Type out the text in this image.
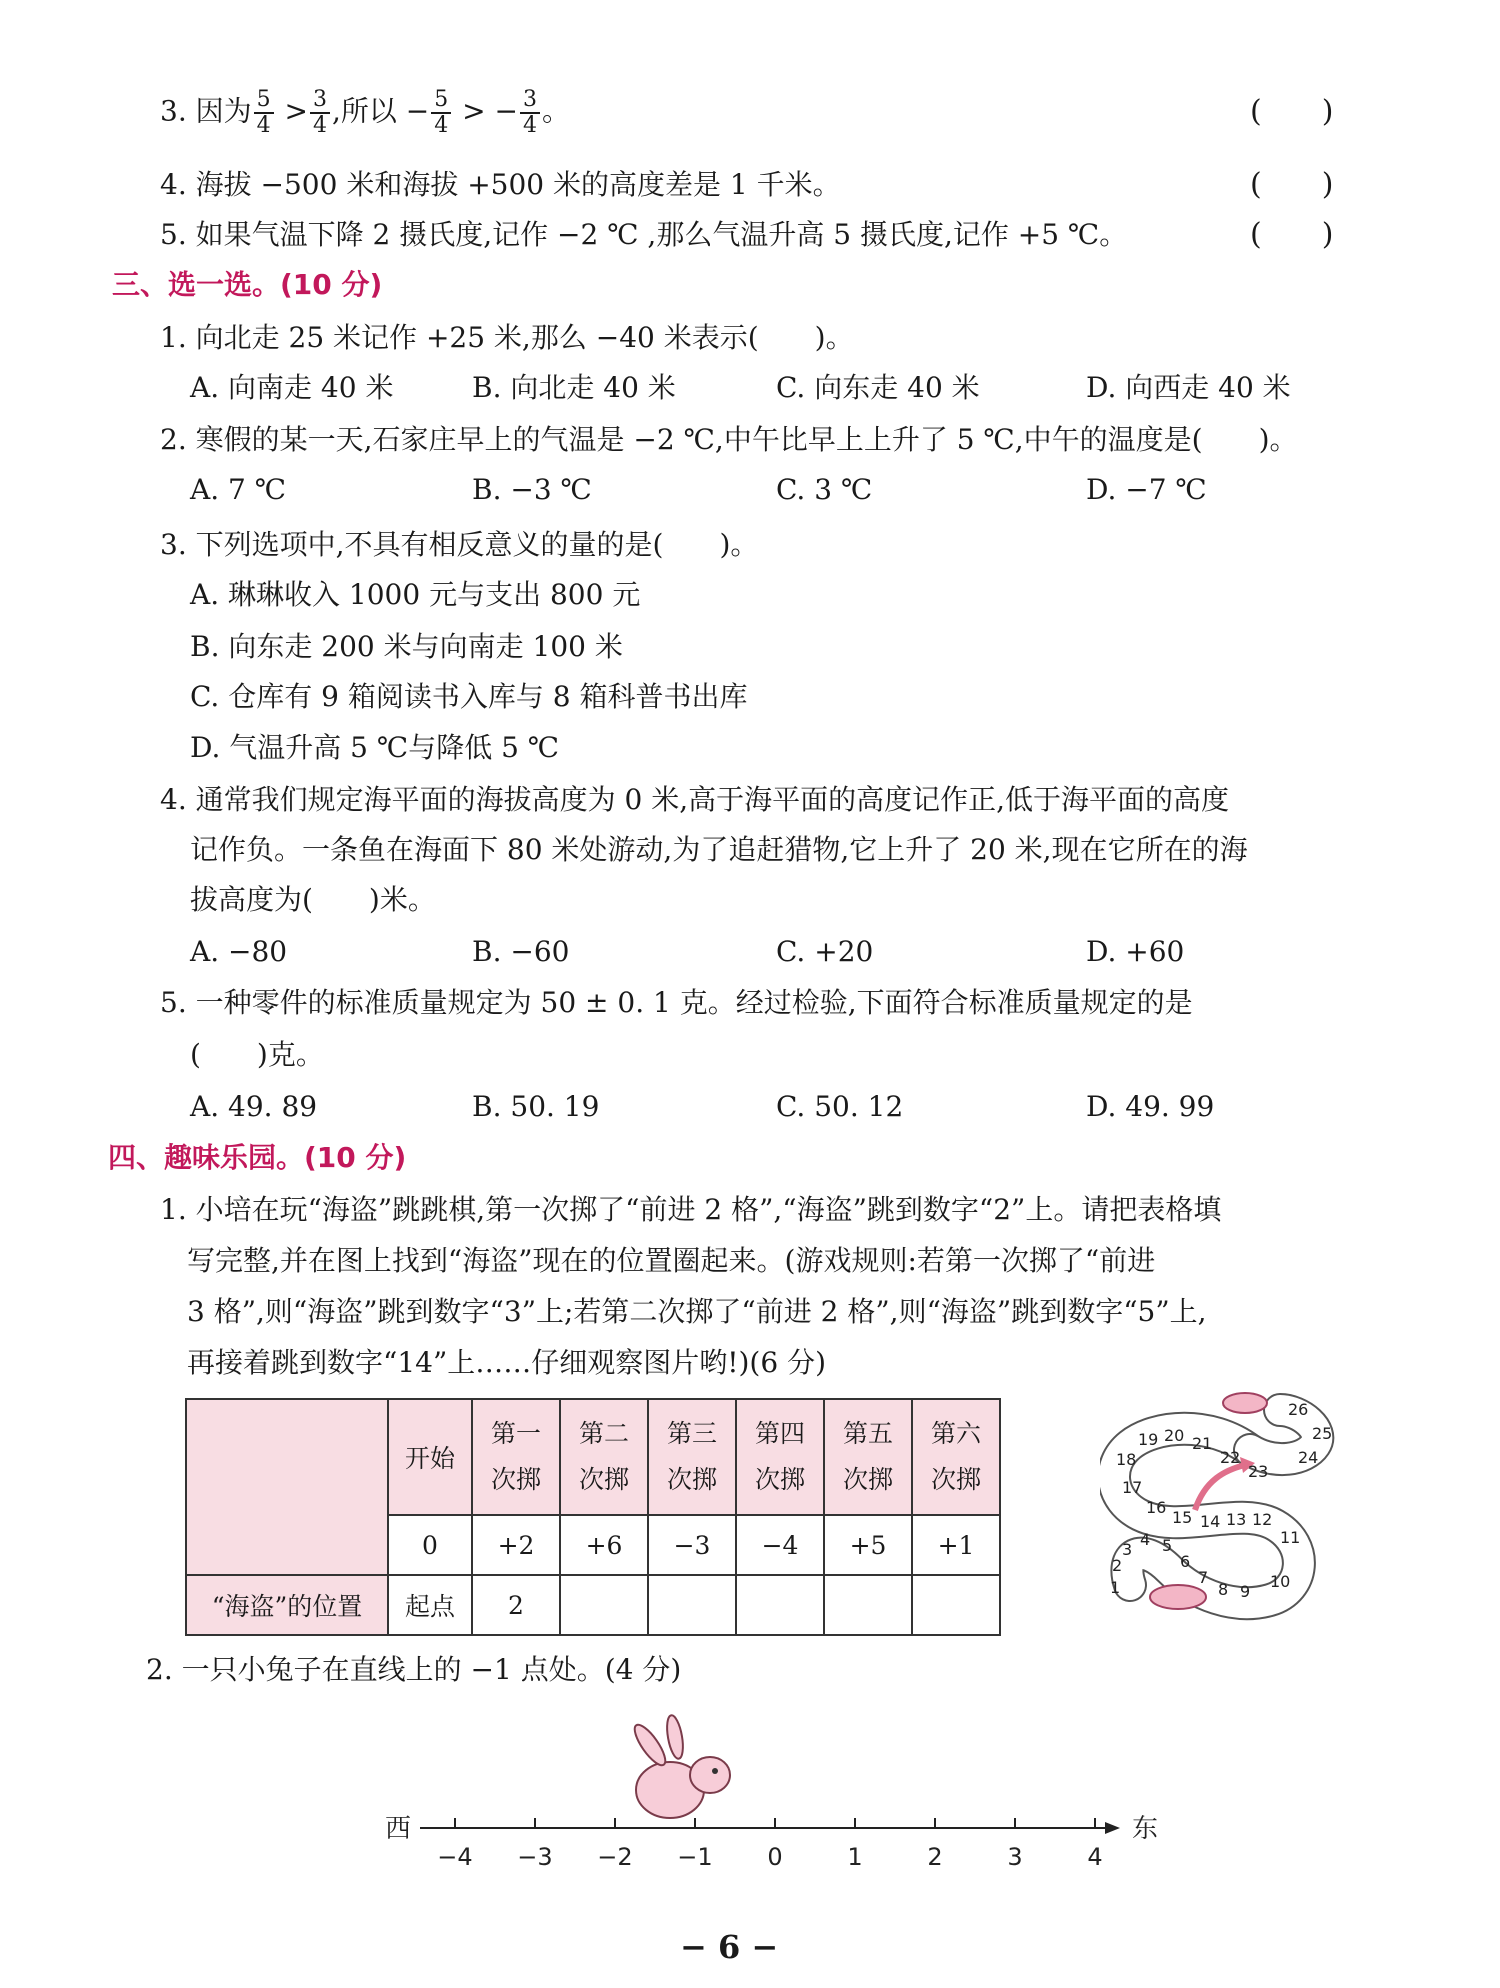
3. 因为 $\frac{5}{4} > \frac{3}{4}$ ,所以 − $\frac{5}{4}$ > − $\frac{3}{4}$ 。	(　　)
4. 海拔 −500 米和海拔 +500 米的高度差是 1 千米。	(　　)
5. 如果气温下降 2 摄氏度,记作 −2 ℃ ,那么气温升高 5 摄氏度,记作 +5 ℃。	(　　)
三、选一选。(10 分)
1. 向北走 25 米记作 +25 米,那么 −40 米表示(　　)。
A. 向南走 40 米	B. 向北走 40 米	C. 向东走 40 米	D. 向西走 40 米
2. 寒假的某一天,石家庄早上的气温是 −2 ℃,中午比早上上升了 5 ℃,中午的温度是(　　)。
A. 7 ℃	B. −3 ℃	C. 3 ℃	D. −7 ℃
3. 下列选项中,不具有相反意义的量的是(　　)。
A. 琳琳收入 1000 元与支出 800 元
B. 向东走 200 米与向南走 100 米
C. 仓库有 9 箱阅读书入库与 8 箱科普书出库
D. 气温升高 5 ℃与降低 5 ℃
4. 通常我们规定海平面的海拔高度为 0 米,高于海平面的高度记作正,低于海平面的高度
记作负。一条鱼在海面下 80 米处游动,为了追赶猎物,它上升了 20 米,现在它所在的海
拔高度为(　　)米。
A. −80	B. −60	C. +20	D. +60
5. 一种零件的标准质量规定为 50 ± 0. 1 克。经过检验,下面符合标准质量规定的是
(　　)克。
A. 49. 89	B. 50. 19	C. 50. 12	D. 49. 99
四、趣味乐园。(10 分)
1. 小培在玩“海盗”跳跳棋,第一次掷了“前进 2 格”,“海盗”跳到数字“2”上。请把表格填
写完整,并在图上找到“海盗”现在的位置圈起来。(游戏规则:若第一次掷了“前进
3 格”,则“海盗”跳到数字“3”上;若第二次掷了“前进 2 格”,则“海盗”跳到数字“5”上,
再接着跳到数字“14”上……仔细观察图片哟!)(6 分)
	开始	第一
次掷	第二
次掷	第三
次掷	第四
次掷	第五
次掷	第六
次掷
	0	+2	+6	−3	−4	+5	+1
“海盗”的位置	起点	2					
1
2
3
4 5
6
7
8 9
10
11
12
13
14
15
16
17
18
19 20 21
22
23
24
25
26
2. 一只小兔子在直线上的 −1 点处。(4 分)
−4 −3 −2 −1 0	1	2	3	4
西	东
− 6 −
